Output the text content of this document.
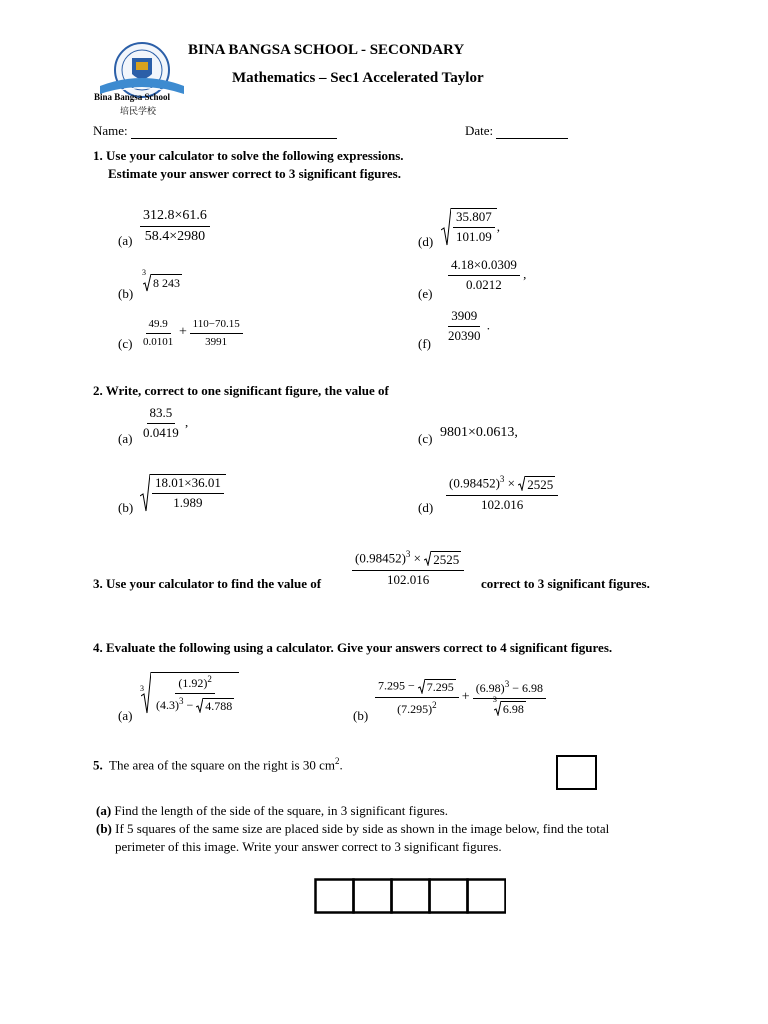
Bina Bangsa School
培民学校
BINA BANGSA SCHOOL - SECONDARY
Mathematics – Sec1 Accelerated Taylor
Name:	Date:
1. Use your calculator to solve the following expressions.
Estimate your answer correct to 3 significant figures.
$(a) \frac{312.8\times 61.6}{58.4\times 2980}$
(b)
3
8 243
$(c) \frac{49.9}{0.0101} + \frac{110-70.15}{3991}$
$(d) \frac{35.807}{101.09}$ ,
(e)
$\frac{4.18\times 0.0309}{0.0212}$ ,
$(f) \frac{3909}{20390}$ .
2. Write, correct to one significant figure, the value of
$(a) \frac{83.5}{0.0419}$ ,
$(b) \frac{18.01\times 36.01}{1.989}$
(c) 9801×0.0613,
$(d) \frac{(0.98452)^3 \times 2525}{102.016}$
3. Use your calculator to find the value of $\frac{(0.98452)^3 \times 2525}{102.016}$ correct to 3 significant figures.
4. Evaluate the following using a calculator. Give your answers correct to 4 significant figures.
(a)
$3 \frac{(1.92)^2}{(4.3)^3 - 4.788}$
$(b) \frac{7.295 - 7.295}{(7.295)^2} + (6.98)^3 - 6.98$
3
6.98
5. The area of the square on the right is 30 $cm^2$.
(a) Find the length of the side of the square, in 3 significant figures.
(b) If 5 squares of the same size are placed side by side as shown in the image below, find the total
perimeter of this image. Write your answer correct to 3 significant figures.
